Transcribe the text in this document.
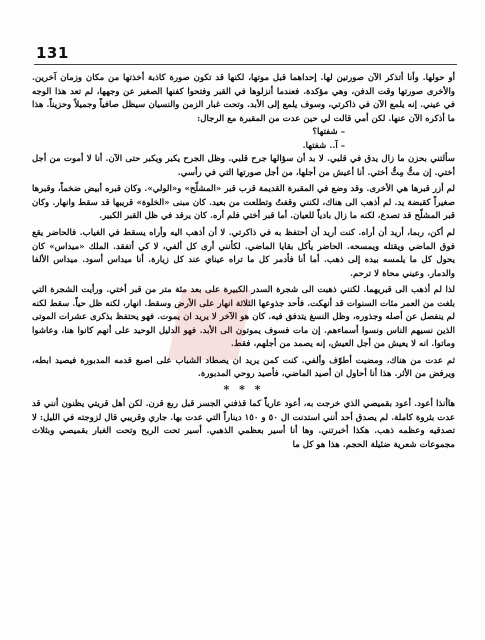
131

أو حولها. وأنا أتذكر الآن صورتين لها. إحداهما قبل موتها، لكنها قد تكون صورة كاذبة أخذتها من مكان وزمان آخرين. والأخرى صورتها وقت الدفن، وهي مؤكدة. فعندما أنزلوها في القبر وفتحوا كفنها الصغير عن وجهها، لم تعد هذا الوجه في عيني. إنه يلمع الآن في ذاكرتي، وسوف يلمع إلى الأبد. وتحت غبار الزمن والنسيان سيظل صافياً وجميلاً وحزيناً. هذا ما أذكره الآن عنها. لكن أمي قالت لي حين عدت من المقبرة مع الرجال:

– شفتها؟

– آ.. شفتها.

سألتني بحزن ما زال يدق في قلبي. لا بد أن سؤالها جرح قلبي. وظل الجرح يكبر ويكبر حتى الآن. أنا لا أموت من أجل أختي. إن متُّ مِتُّ أختي. أنا أعيش من أجلها، من أجل صورتها التي في رأسي.

لم أزر قبرها هي الأخرى. وقد وضع في المقبرة القديمة قرب قبر «المشلّح» و«الولي». وكان قبره أبيض ضخماً، وقبرها صغيراً كقبضة يد. لم أذهب الى هناك، لكنني وقفتُ وتطلعت من بعيد. كان مبنى «الخلوة» قريبها قد سقط وانهار. وكان قبر المشلّح قد تصدع، لكنه ما زال بادياً للعيان. أما قبر أختي فلم أره. كان يرقد في ظل القبر الكبير.

لم أكن، ربما، أريد أن أراه. كنت أريد أن أحتفظ به في ذاكرتي. لا أن أذهب اليه وأراه يسقط في الغياب. فالحاضر يقع فوق الماضي ويقتله ويمسحه. الحاضر يأكل بقايا الماضي. لكأنني أرى كل ألفي، لا كي أتفقد. الملك «ميداس» كان يحول كل ما يلمسه بيده إلى ذهب. أما أنا فأدمر كل ما تراه عيناي عند كل زيارة. أنا ميداس أسود. ميداس الألفا والدمار. وعيني محاة لا ترحم.

لذا لم أذهب الى قبريهما. لكنني ذهبت الى شجرة السدر الكبيرة على بعد مئة متر من قبر أختي. ورأيت الشجرة التي بلغت من العمر مئات السنوات قد أنهكت. فأحد جذوعها الثلاثة انهار على الأرض وسقط. انهار، لكنه ظل حياً. سقط لكنه لم ينفصل عن أصله وجذوره، وظل النسغ يتدفق فيه. كان هو الآخر لا يريد ان يموت. فهو يحتفظ بذكرى عشرات الموتى الذين نسيهم الناس ونسوا أسماءهم. إن مات فسوف يموتون الى الأبد. فهو الدليل الوحيد على أنهم كانوا هنا، وعاشوا وماتوا. انه لا يعيش من أجل العيش، إنه يصمد من أجلهم، فقط.

ثم عدت من هناك، ومضيت أطوّف وألفي. كنت كمن يريد ان يصطاد الشباب على اصبع قدمه المدبورة فيصيد ابطه، ويرفض من الأثر. هذا أنا أحاول ان أصيد الماضي، فأصيد روحي المدبورة.

* * *

هاأنذا أعود. أعود بقميصي الذي خرجت به، أعود عارياً كما قذفني الجسر قبل ربع قرن. لكن أهل قريتي يظنون أنني قد عدت بثروة كاملة. لم يصدق أحد أنني استدنت ال ٥٠ و ١٥٠ ديناراً التي عدت بها. جاري وقريبي قال لزوجته في الليل: لا تصدقيه وعظمه ذهب. هكذا أخبرتني. وها أنا أسير بعظمي الذهبي. أسير تحت الريح وتحت الغبار بقميصي وبثلاث مجموعات شعرية ضئيلة الحجم. هذا هو كل ما
